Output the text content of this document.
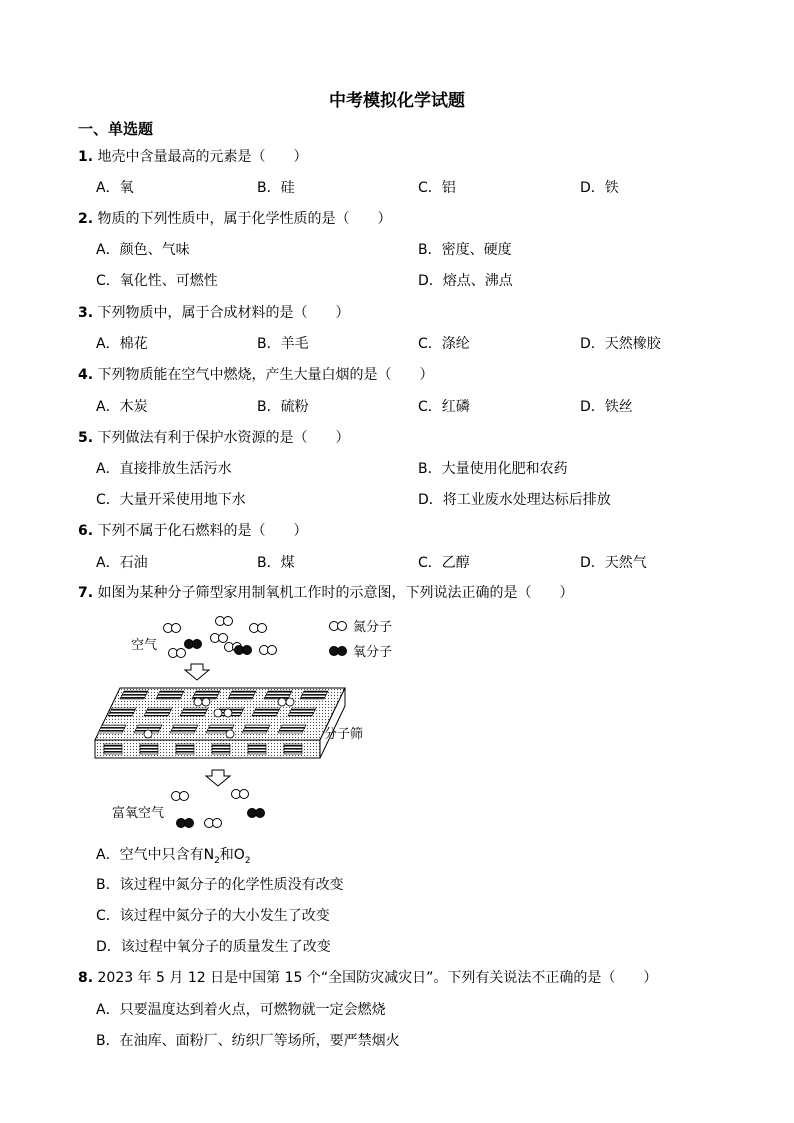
中考模拟化学试题
一、单选题
1. 地壳中含量最高的元素是（　　）
A．氧	B．硅	C．铝	D．铁
2. 物质的下列性质中，属于化学性质的是（　　）
A．颜色、气味	B．密度、硬度
C．氧化性、可燃性	D．熔点、沸点
3. 下列物质中，属于合成材料的是（　　）
A．棉花	B．羊毛	C．涤纶	D．天然橡胶
4. 下列物质能在空气中燃烧，产生大量白烟的是（　　）
A．木炭	B．硫粉	C．红磷	D．铁丝
5. 下列做法有利于保护水资源的是（　　）
A．直接排放生活污水	B．大量使用化肥和农药
C．大量开采使用地下水	D．将工业废水处理达标后排放
6. 下列不属于化石燃料的是（　　）
A．石油	B．煤	C．乙醇	D．天然气
7. 如图为某种分子筛型家用制氧机工作时的示意图，下列说法正确的是（　　）
空气
氮分子
氧分子
分子筛
富氧空气
A．空气中只含有$N_2$和$O_2$
B．该过程中氮分子的化学性质没有改变
C．该过程中氮分子的大小发生了改变
D．该过程中氧分子的质量发生了改变
8. 2023 年 5 月 12 日是中国第 15 个“全国防灾减灾日”。下列有关说法不正确的是（　　）
A．只要温度达到着火点，可燃物就一定会燃烧
B．在油库、面粉厂、纺织厂等场所，要严禁烟火
